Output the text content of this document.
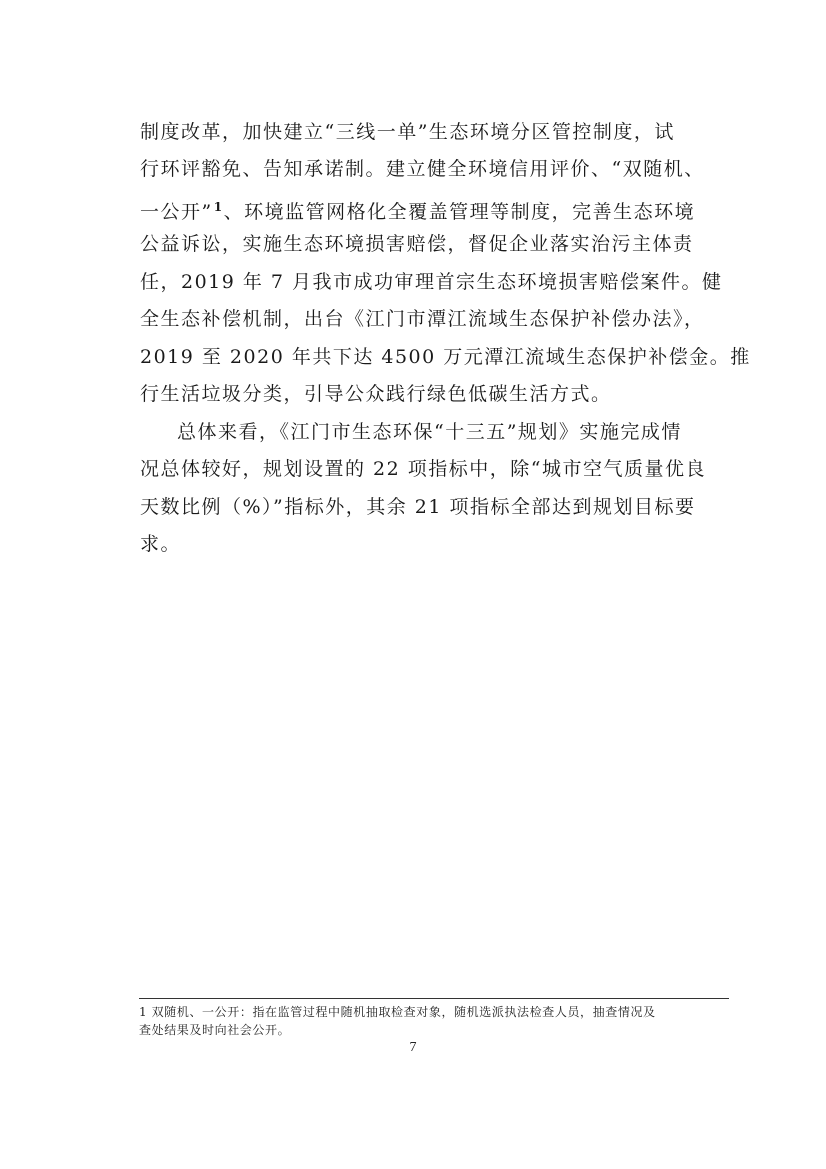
制度改革，加快建立“三线一单”生态环境分区管控制度，试
行环评豁免、告知承诺制。建立健全环境信用评价、“双随机、
一公开”$^1$、环境监管网格化全覆盖管理等制度，完善生态环境
公益诉讼，实施生态环境损害赔偿，督促企业落实治污主体责
任，2019 年 7 月我市成功审理首宗生态环境损害赔偿案件。健
全生态补偿机制，出台《江门市潭江流域生态保护补偿办法》，
2019 至 2020 年共下达 4500 万元潭江流域生态保护补偿金。推
行生活垃圾分类，引导公众践行绿色低碳生活方式。
总体来看，《江门市生态环保“十三五”规划》实施完成情
况总体较好，规划设置的 22 项指标中，除“城市空气质量优良
天数比例（%）”指标外，其余 21 项指标全部达到规划目标要
求。
1 双随机、一公开：指在监管过程中随机抽取检查对象，随机选派执法检查人员，抽查情况及
查处结果及时向社会公开。
7
